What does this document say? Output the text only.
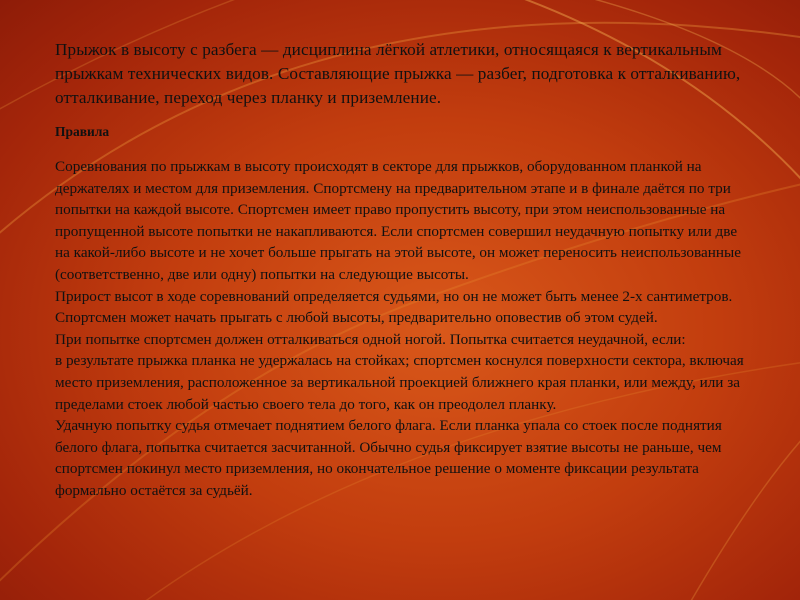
Прыжок в высоту с разбега — дисциплина лёгкой атлетики, относящаяся к вертикальным прыжкам технических видов. Составляющие прыжка — разбег, подготовка к отталкиванию, отталкивание, переход через планку и приземление.

Правила

Соревнования по прыжкам в высоту происходят в секторе для прыжков, оборудованном планкой на держателях и местом для приземления. Спортсмену на предварительном этапе и в финале даётся по три попытки на каждой высоте. Спортсмен имеет право пропустить высоту, при этом неиспользованные на пропущенной высоте попытки не накапливаются. Если спортсмен совершил неудачную попытку или две на какой-либо высоте и не хочет больше прыгать на этой высоте, он может переносить неиспользованные (соответственно, две или одну) попытки на следующие высоты.

Прирост высот в ходе соревнований определяется судьями, но он не может быть менее 2-х сантиметров. Спортсмен может начать прыгать с любой высоты, предварительно оповестив об этом судей.

При попытке спортсмен должен отталкиваться одной ногой. Попытка считается неудачной, если:

в результате прыжка планка не удержалась на стойках; спортсмен коснулся поверхности сектора, включая место приземления, расположенное за вертикальной проекцией ближнего края планки, или между, или за пределами стоек любой частью своего тела до того, как он преодолел планку.

Удачную попытку судья отмечает поднятием белого флага. Если планка упала со стоек после поднятия белого флага, попытка считается засчитанной. Обычно судья фиксирует взятие высоты не раньше, чем спортсмен покинул место приземления, но окончательное решение о моменте фиксации результата формально остаётся за судьёй.
